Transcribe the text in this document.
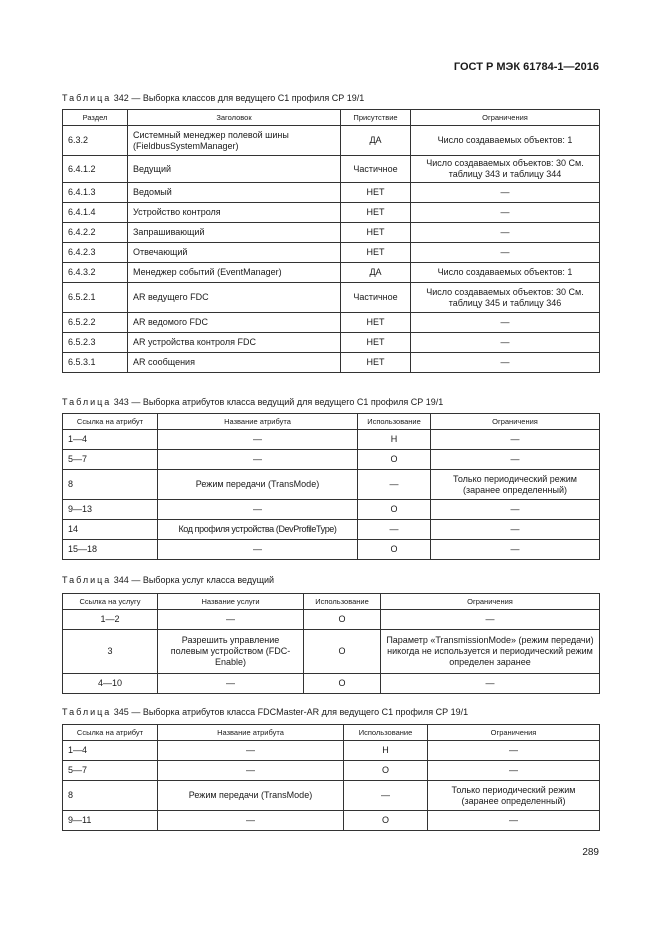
ГОСТ Р МЭК 61784-1—2016
Таблица 342 — Выборка классов для ведущего С1 профиля СР 19/1
Раздел	Заголовок	Присутствие	Ограничения
6.3.2	Системный менеджер полевой шины (FieldbusSystemManager)	ДА	Число создаваемых объектов: 1
6.4.1.2	Ведущий	Частичное	Число создаваемых объектов: 30 См. таблицу 343 и таблицу 344
6.4.1.3	Ведомый	НЕТ	—
6.4.1.4	Устройство контроля	НЕТ	—
6.4.2.2	Запрашивающий	НЕТ	—
6.4.2.3	Отвечающий	НЕТ	—
6.4.3.2	Менеджер событий (EventManager)	ДА	Число создаваемых объектов: 1
6.5.2.1	AR ведущего FDC	Частичное	Число создаваемых объектов: 30 См. таблицу 345 и таблицу 346
6.5.2.2	AR ведомого FDC	НЕТ	—
6.5.2.3	AR устройства контроля FDC	НЕТ	—
6.5.3.1	AR сообщения	НЕТ	—
Таблица 343 — Выборка атрибутов класса ведущий для ведущего С1 профиля СР 19/1
Ссылка на атрибут	Название атрибута	Использование	Ограничения
1—4	—	Н	—
5—7	—	О	—
8	Режим передачи (TransMode)	—	Только периодический режим (заранее определенный)
9—13	—	О	—
14	Код профиля устройства (DevProfileType)	—	—
15—18	—	О	—
Таблица 344 — Выборка услуг класса ведущий
Ссылка на услугу	Название услуги	Использование	Ограничения
1—2	—	О	—
3	Разрешить управление полевым устройством (FDC-Enable)	О	Параметр «TransmissionMode» (режим передачи) никогда не используется и периодический режим определен заранее
4—10	—	О	—
Таблица 345 — Выборка атрибутов класса FDCMaster-AR для ведущего С1 профиля СР 19/1
Ссылка на атрибут	Название атрибута	Использование	Ограничения
1—4	—	Н	—
5—7	—	О	—
8	Режим передачи (TransMode)	—	Только периодический режим (заранее определенный)
9—11	—	О	—
289
